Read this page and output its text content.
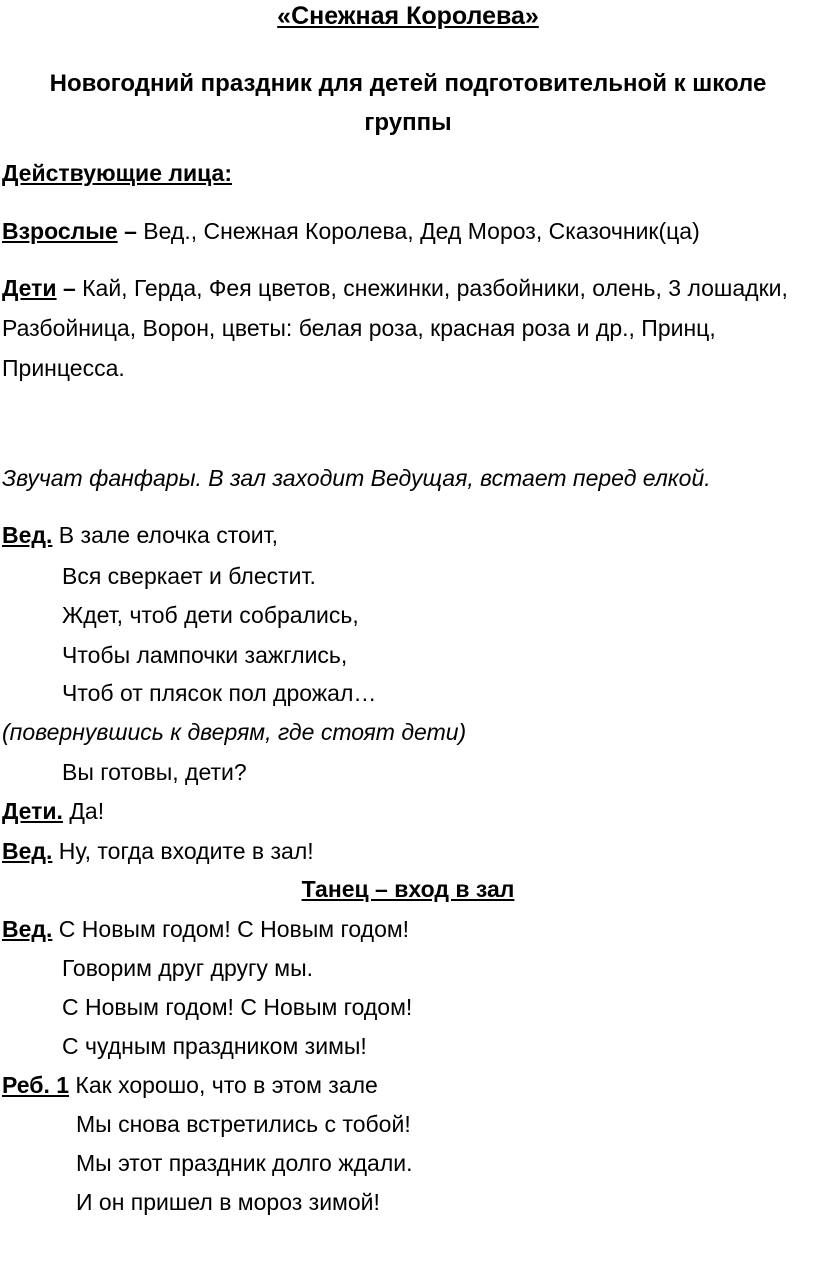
«Снежная Королева»
Новогодний праздник для детей подготовительной к школе группы
Действующие лица:
Взрослые – Вед., Снежная Королева, Дед Мороз, Сказочник(ца)
Дети – Кай, Герда, Фея цветов, снежинки, разбойники, олень, 3 лошадки, Разбойница, Ворон, цветы: белая роза, красная роза и др., Принц, Принцесса.
Звучат фанфары. В зал заходит Ведущая, встает перед елкой.
Вед. В зале елочка стоит,
Вся сверкает и блестит.
Ждет, чтоб дети собрались,
Чтобы лампочки зажглись,
Чтоб от плясок пол дрожал…
(повернувшись к дверям, где стоят дети)
Вы готовы, дети?
Дети. Да!
Вед. Ну, тогда входите в зал!
Танец – вход в зал
Вед. С Новым годом! С Новым годом!
Говорим друг другу мы.
С Новым годом! С Новым годом!
С чудным праздником зимы!
Реб. 1 Как хорошо, что в этом зале
Мы снова встретились с тобой!
Мы этот праздник долго ждали.
И он пришел в мороз зимой!
